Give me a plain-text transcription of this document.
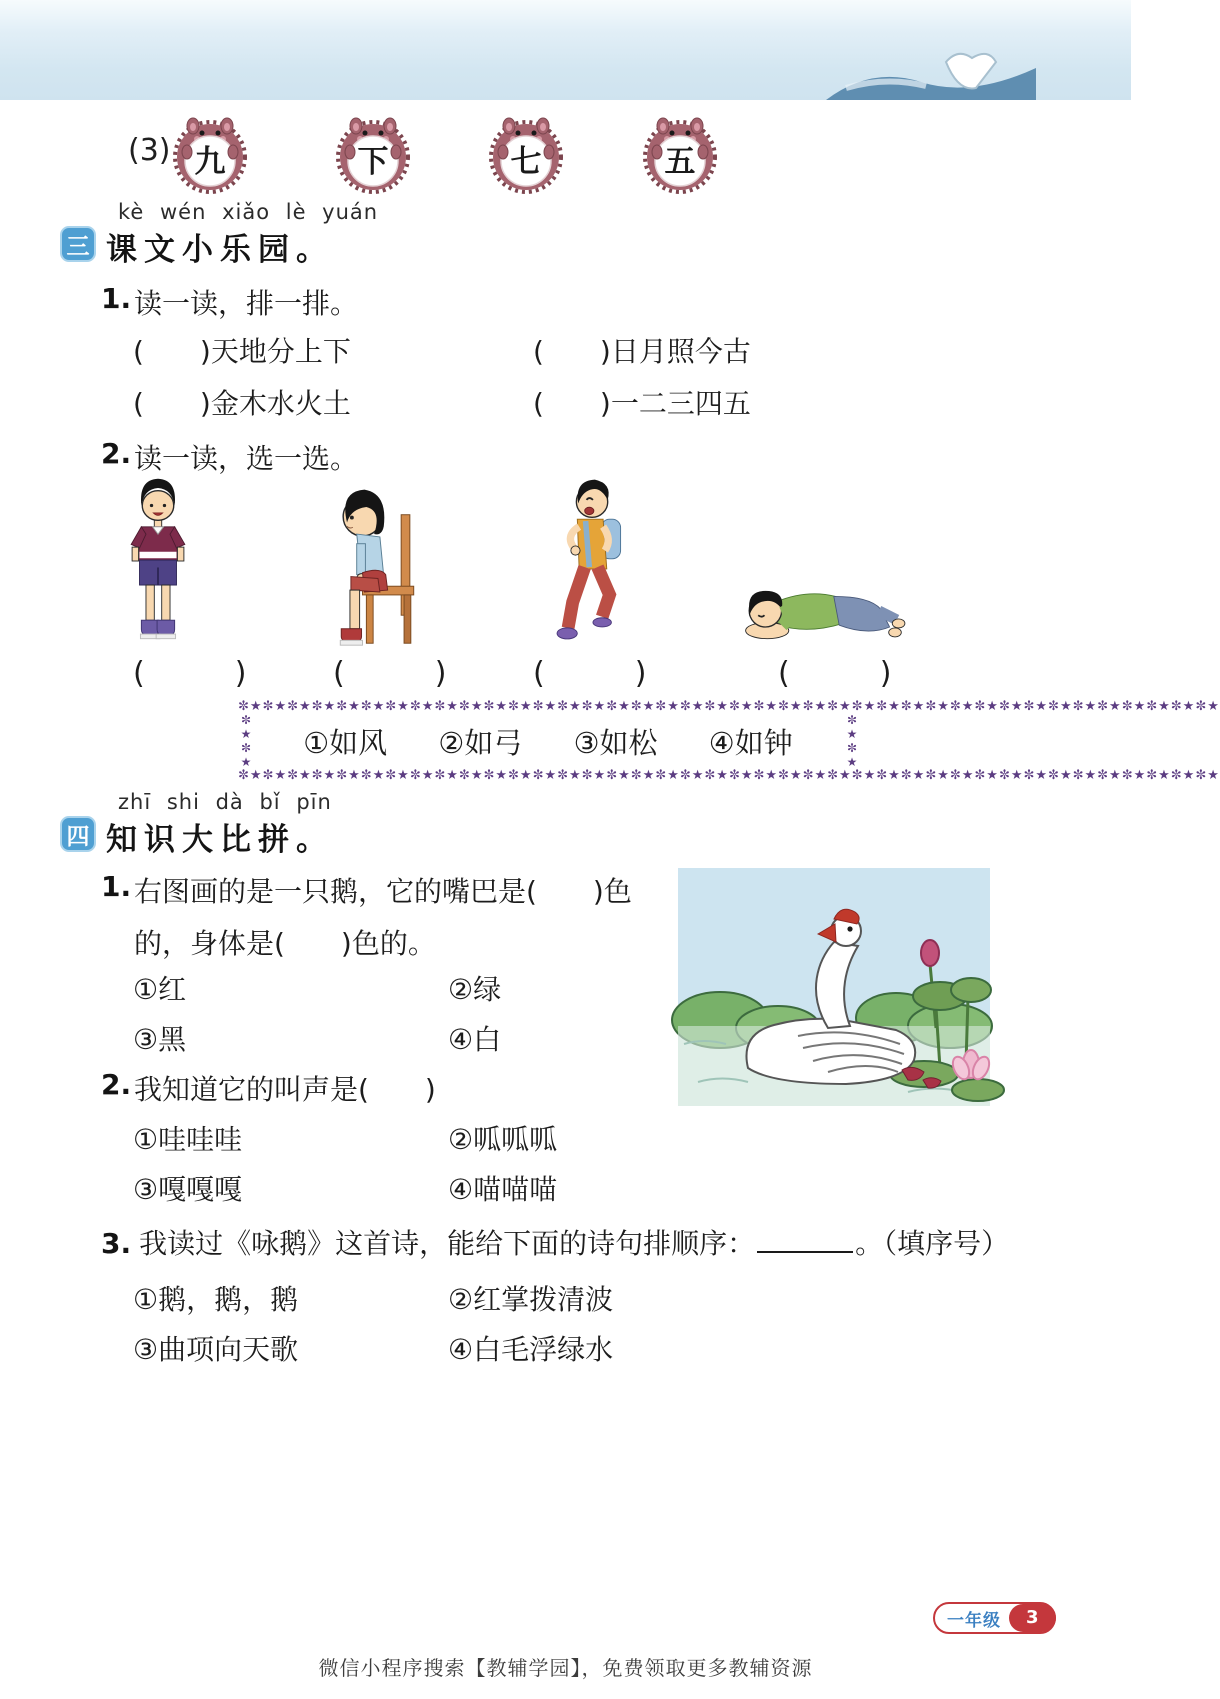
(3) 九	下	七	五
kè wén xiǎo lè yuán
三 课文小乐园。
1. 读一读，排一排。
(　　)天地分上下	(　　)日月照今古
(　　)金木水火土	(　　)一二三四五
2. 读一读，选一选。
(　　　)	(　　　)	(　　　)	(　　　)
✼★✼★✼★✼★✼★✼★✼★✼★✼★✼★✼★✼★✼★✼★✼★✼★✼★✼★✼★✼★✼★✼★✼★✼★✼★✼★✼★✼★✼★✼★✼★✼★✼★✼★✼★✼★✼★✼★✼★✼★
✼★✼★ ①如风 ②如弓 ③如松 ④如钟	✼★✼★
✼★✼★✼★✼★✼★✼★✼★✼★✼★✼★✼★✼★✼★✼★✼★✼★✼★✼★✼★✼★✼★✼★✼★✼★✼★✼★✼★✼★✼★✼★✼★✼★✼★✼★✼★✼★✼★✼★✼★✼★
zhī shi dà bǐ pīn
四 知识大比拼。
1. 右图画的是一只鹅，它的嘴巴是(　　)色
的，身体是(　　)色的。
①红	②绿
③黑	④白
2. 我知道它的叫声是(　　)
①哇哇哇	②呱呱呱
③嘎嘎嘎	④喵喵喵
3. 我读过《咏鹅》这首诗，能给下面的诗句排顺序：	。（填序号）
①鹅，鹅，鹅	②红掌拨清波
③曲项向天歌	④白毛浮绿水
一年级	3
微信小程序搜索【教辅学园】，免费领取更多教辅资源
